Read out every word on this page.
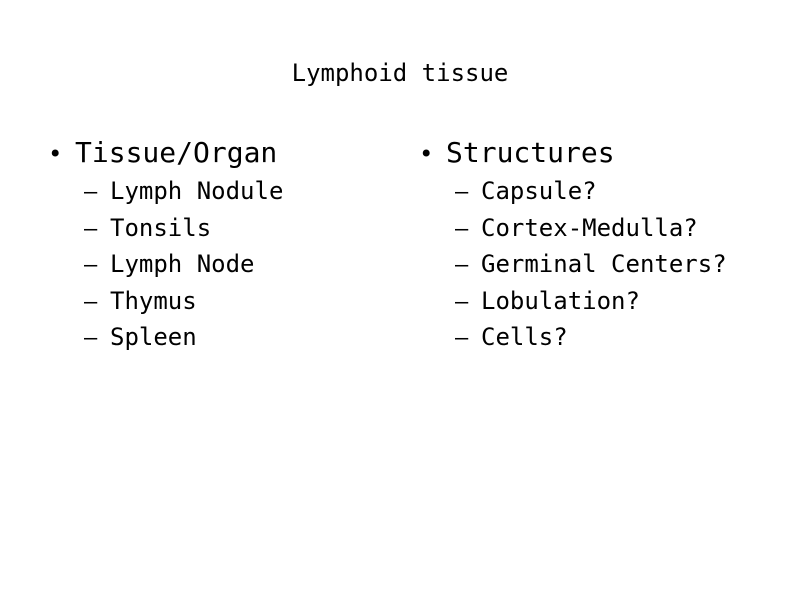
Lymphoid tissue
• Tissue/Organ
– Lymph Nodule
– Tonsils
– Lymph Node
– Thymus
– Spleen
• Structures
– Capsule?
– Cortex-Medulla?
– Germinal Centers?
– Lobulation?
– Cells?
